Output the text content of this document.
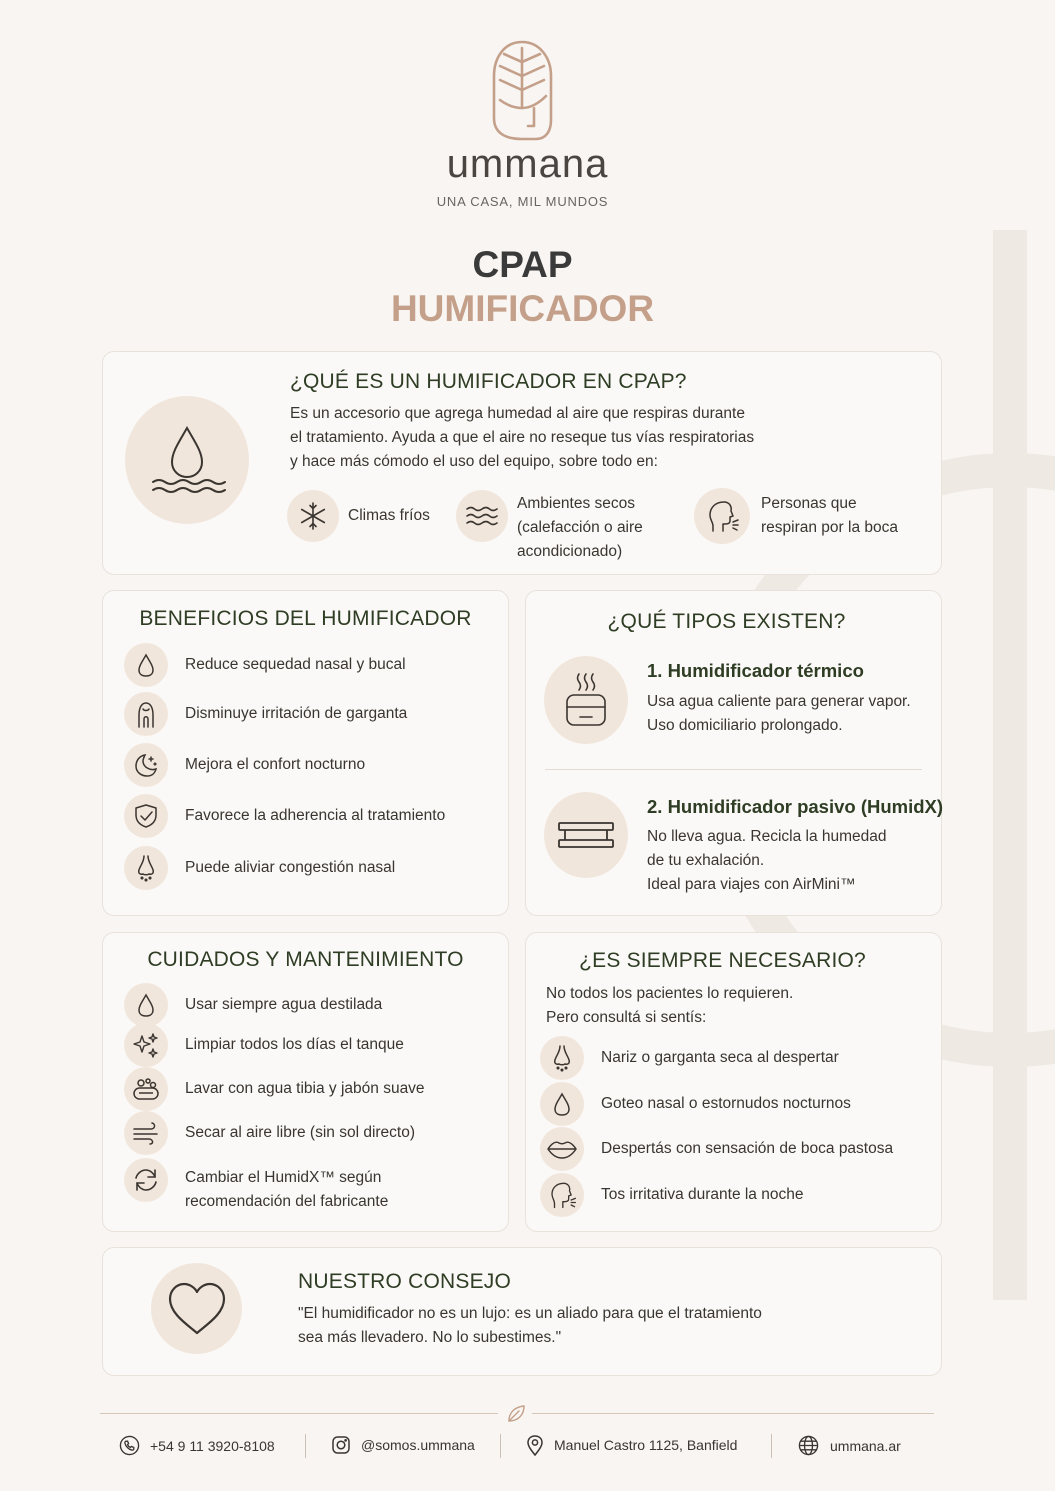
ummana
UNA CASA, MIL MUNDOS
CPAP
HUMIFICADOR
¿QUÉ ES UN HUMIFICADOR EN CPAP?
Es un accesorio que agrega humedad al aire que respiras durante
el tratamiento. Ayuda a que el aire no reseque tus vías respiratorias
y hace más cómodo el uso del equipo, sobre todo en:
Climas fríos
Ambientes secos
(calefacción o aire
acondicionado)
Personas que
respiran por la boca
BENEFICIOS DEL HUMIFICADOR
Reduce sequedad nasal y bucal
Disminuye irritación de garganta
Mejora el confort nocturno
Favorece la adherencia al tratamiento
Puede aliviar congestión nasal
¿QUÉ TIPOS EXISTEN?
1. Humidificador térmico
Usa agua caliente para generar vapor.
Uso domiciliario prolongado.
2. Humidificador pasivo (HumidX)
No lleva agua. Recicla la humedad
de tu exhalación.
Ideal para viajes con AirMini™
CUIDADOS Y MANTENIMIENTO
Usar siempre agua destilada
Limpiar todos los días el tanque
Lavar con agua tibia y jabón suave
Secar al aire libre (sin sol directo)
Cambiar el HumidX™ según
recomendación del fabricante
¿ES SIEMPRE NECESARIO?
No todos los pacientes lo requieren.
Pero consultá si sentís:
Nariz o garganta seca al despertar
Goteo nasal o estornudos nocturnos
Despertás con sensación de boca pastosa
Tos irritativa durante la noche
NUESTRO CONSEJO
"El humidificador no es un lujo: es un aliado para que el tratamiento
sea más llevadero. No lo subestimes."
+54 9 11 3920-8108	@somos.ummana	Manuel Castro 1125, Banfield	ummana.ar
